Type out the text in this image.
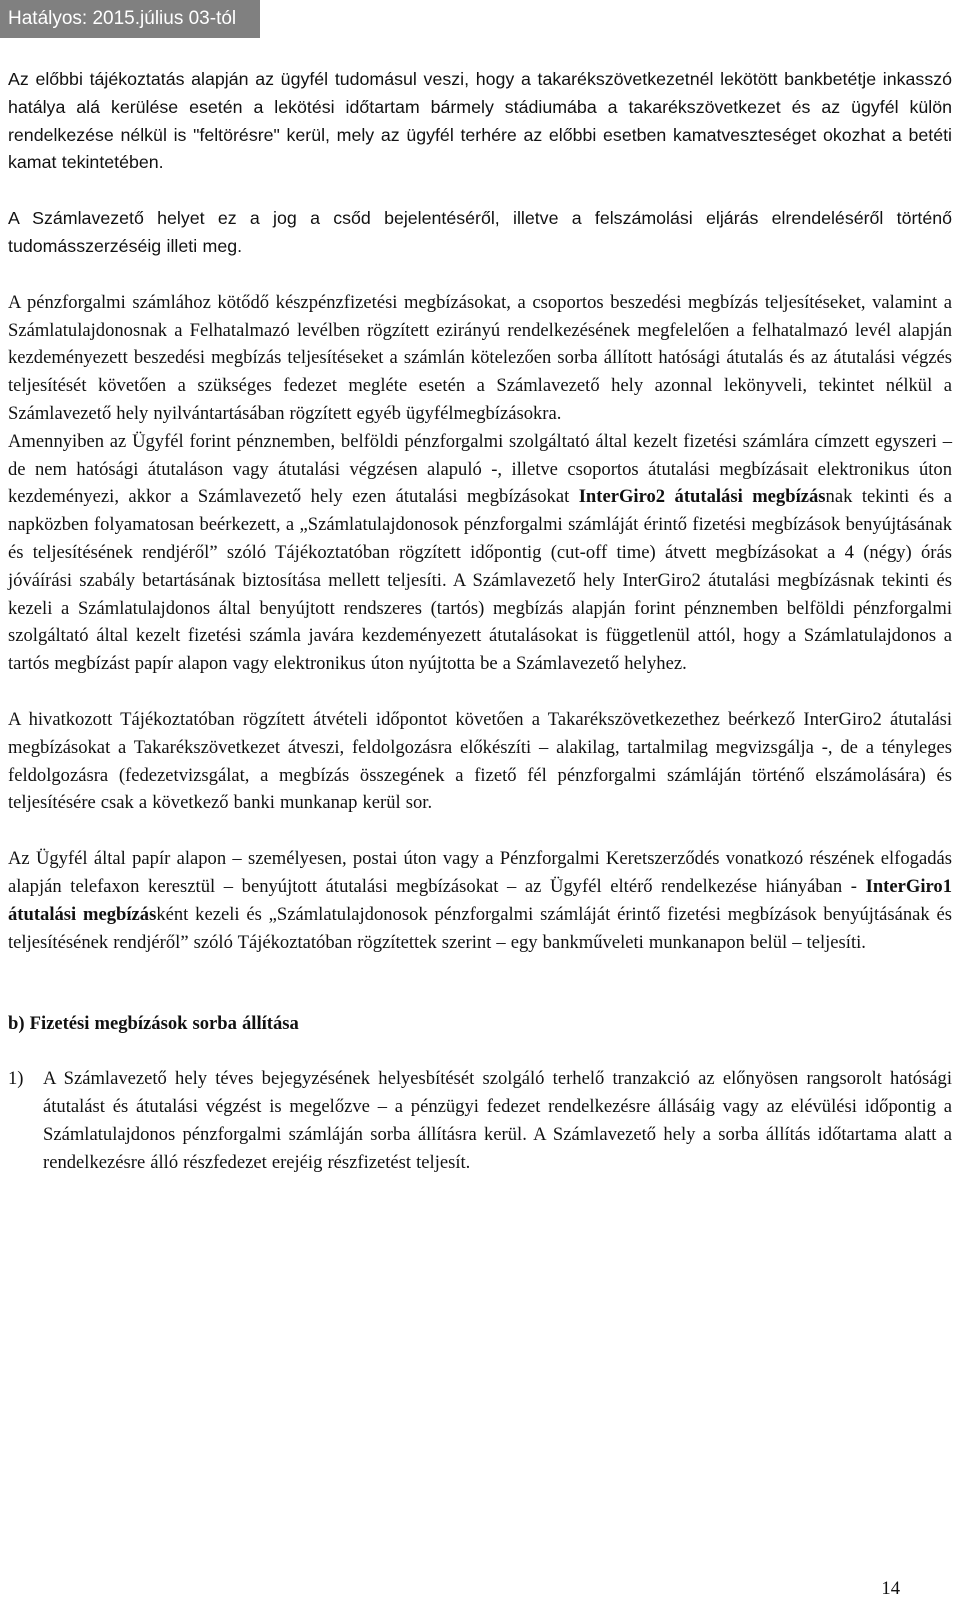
Hatályos: 2015.július 03-tól

Az előbbi tájékoztatás alapján az ügyfél tudomásul veszi, hogy a takarékszövetkezetnél lekötött bankbetétje inkasszó hatálya alá kerülése esetén a lekötési időtartam bármely stádiumába a takarékszövetkezet és az ügyfél külön rendelkezése nélkül is "feltörésre" kerül, mely az ügyfél terhére az előbbi esetben kamatveszteséget okozhat a betéti kamat tekintetében.

A Számlavezető helyet ez a jog a csőd bejelentéséről, illetve a felszámolási eljárás elrendeléséről történő tudomásszerzéséig illeti meg.

A pénzforgalmi számlához kötődő készpénzfizetési megbízásokat, a csoportos beszedési megbízás teljesítéseket, valamint a Számlatulajdonosnak a Felhatalmazó levélben rögzített ezirányú rendelkezésének megfelelően a felhatalmazó levél alapján kezdeményezett beszedési megbízás teljesítéseket a számlán kötelezően sorba állított hatósági átutalás és az átutalási végzés teljesítését követően a szükséges fedezet megléte esetén a Számlavezető hely azonnal lekönyveli, tekintet nélkül a Számlavezető hely nyilvántartásában rögzített egyéb ügyfélmegbízásokra.

Amennyiben az Ügyfél forint pénznemben, belföldi pénzforgalmi szolgáltató által kezelt fizetési számlára címzett egyszeri – de nem hatósági átutaláson vagy átutalási végzésen alapuló -, illetve csoportos átutalási megbízásait elektronikus úton kezdeményezi, akkor a Számlavezető hely ezen átutalási megbízásokat InterGiro2 átutalási megbízásnak tekinti és a napközben folyamatosan beérkezett, a „Számlatulajdonosok pénzforgalmi számláját érintő fizetési megbízások benyújtásának és teljesítésének rendjéről” szóló Tájékoztatóban rögzített időpontig (cut-off time) átvett megbízásokat a 4 (négy) órás jóváírási szabály betartásának biztosítása mellett teljesíti. A Számlavezető hely InterGiro2 átutalási megbízásnak tekinti és kezeli a Számlatulajdonos által benyújtott rendszeres (tartós) megbízás alapján forint pénznemben belföldi pénzforgalmi szolgáltató által kezelt fizetési számla javára kezdeményezett átutalásokat is függetlenül attól, hogy a Számlatulajdonos a tartós megbízást papír alapon vagy elektronikus úton nyújtotta be a Számlavezető helyhez.

A hivatkozott Tájékoztatóban rögzített átvételi időpontot követően a Takarékszövetkezethez beérkező InterGiro2 átutalási megbízásokat a Takarékszövetkezet átveszi, feldolgozásra előkészíti – alakilag, tartalmilag megvizsgálja -, de a tényleges feldolgozásra (fedezetvizsgálat, a megbízás összegének a fizető fél pénzforgalmi számláján történő elszámolására) és teljesítésére csak a következő banki munkanap kerül sor.

Az Ügyfél által papír alapon – személyesen, postai úton vagy a Pénzforgalmi Keretszerződés vonatkozó részének elfogadás alapján telefaxon keresztül – benyújtott átutalási megbízásokat – az Ügyfél eltérő rendelkezése hiányában - InterGiro1 átutalási megbízásként kezeli és „Számlatulajdonosok pénzforgalmi számláját érintő fizetési megbízások benyújtásának és teljesítésének rendjéről” szóló Tájékoztatóban rögzítettek szerint – egy bankműveleti munkanapon belül – teljesíti.

b) Fizetési megbízások sorba állítása

1) A Számlavezető hely téves bejegyzésének helyesbítését szolgáló terhelő tranzakció az előnyösen rangsorolt hatósági átutalást és átutalási végzést is megelőzve – a pénzügyi fedezet rendelkezésre állásáig vagy az elévülési időpontig a Számlatulajdonos pénzforgalmi számláján sorba állításra kerül. A Számlavezető hely a sorba állítás időtartama alatt a rendelkezésre álló részfedezet erejéig részfizetést teljesít.

14
